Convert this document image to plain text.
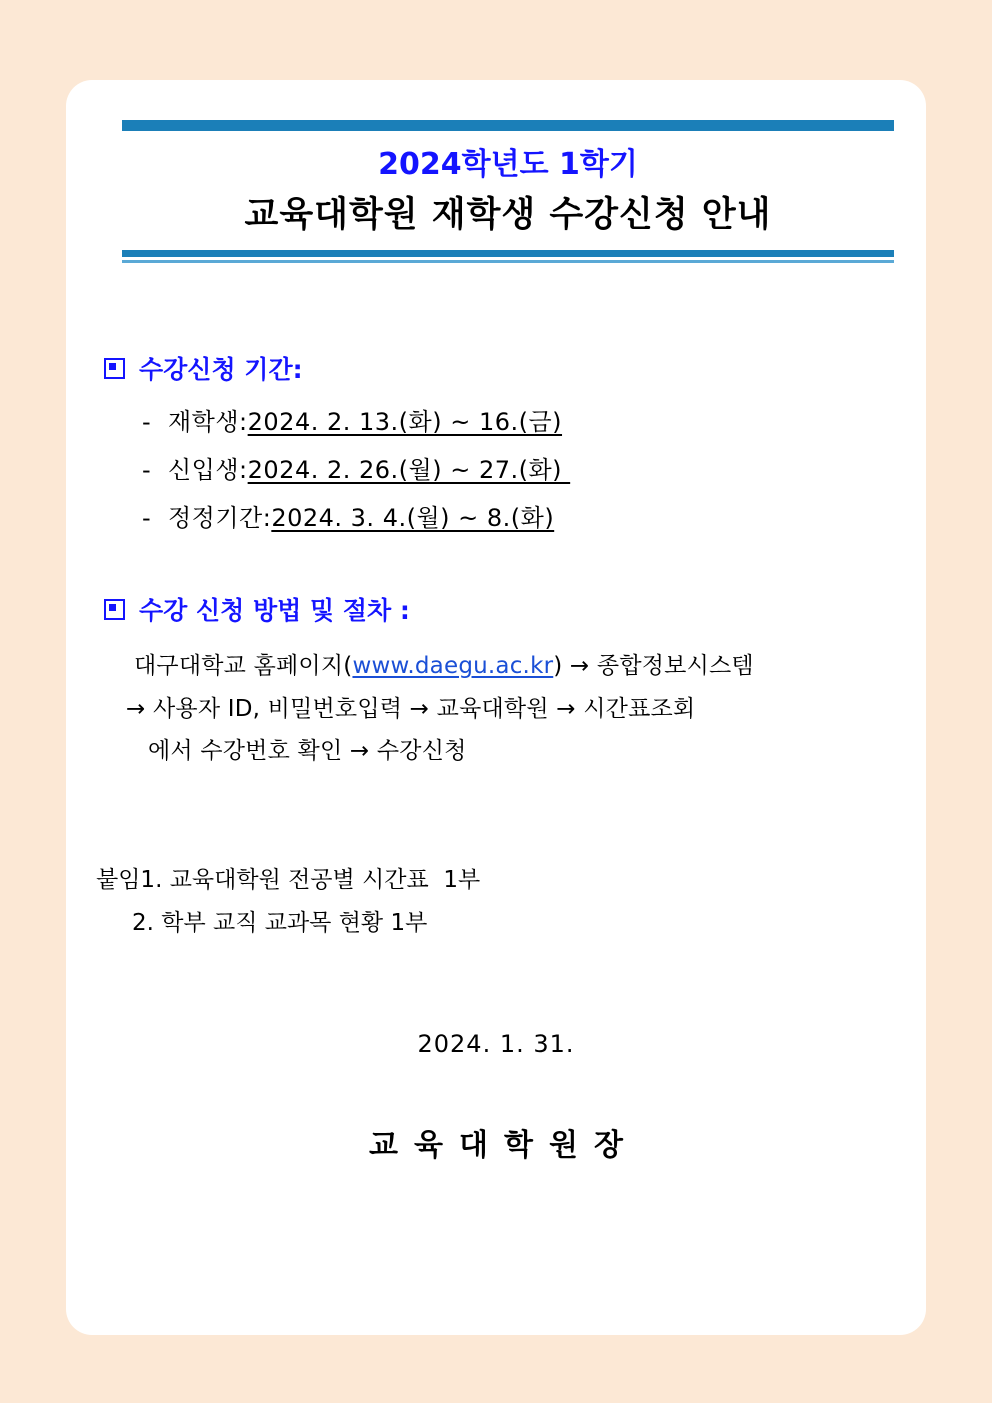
2024학년도 1학기
교육대학원 재학생 수강신청 안내
수강신청 기간:
- 재학생: 2024. 2. 13.(화) ~ 16.(금)
- 신입생: 2024. 2. 26.(월) ~ 27.(화)
- 정정기간: 2024. 3. 4.(월) ~ 8.(화)
수강 신청 방법 및 절차 :
대구대학교 홈페이지(www.daegu.ac.kr) → 종합정보시스템
→ 사용자 ID, 비밀번호입력 → 교육대학원 → 시간표조회
에서 수강번호 확인 → 수강신청
붙임1. 교육대학원 전공별 시간표  1부
2. 학부 교직 교과목 현황 1부
2024. 1. 31.
교육대학원장
